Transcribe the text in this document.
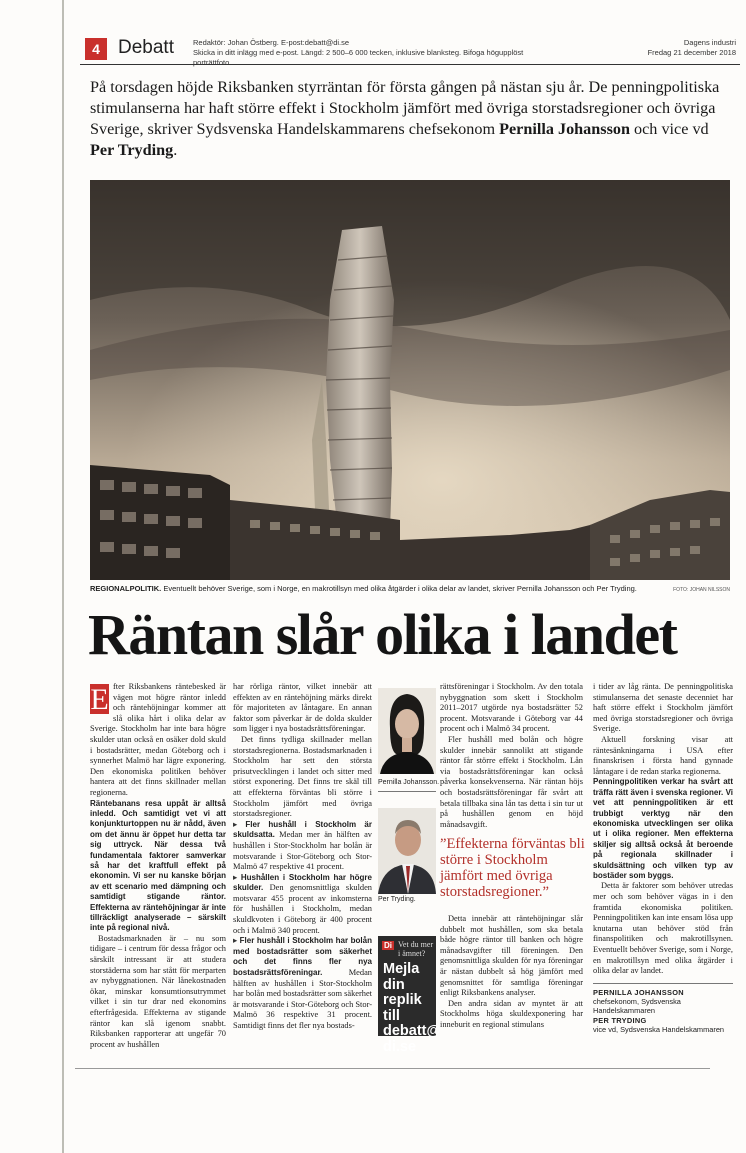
4 Debatt	Redaktör: Johan Östberg. E-post:debatt@di.se
Skicka in ditt inlägg med e-post. Längd: 2 500–6 000 tecken, inklusive blanksteg. Bifoga högupplöst porträttfoto.
Dagens industri
Fredag 21 december 2018
På torsdagen höjde Riksbanken styrräntan för första gången på nästan sju år. De penningpolitiska stimulanserna har haft större effekt i Stockholm jämfört med övriga storstadsregioner och övriga Sverige, skriver Sydsvenska Handelskammarens chefsekonom Pernilla Johansson och vice vd Per Tryding.
REGIONALPOLITIK. Eventuellt behöver Sverige, som i Norge, en makrotillsyn med olika åtgärder i olika delar av landet, skriver Pernilla Johansson och Per Tryding.	FOTO: JOHAN NILSSON
Räntan slår olika i landet

E fter Riksbankens räntebesked är vägen mot högre räntor inledd och räntehöjningar kommer att slå olika hårt i olika delar av Sverige. Stockholm har inte bara högre skulder utan också en osäker dold skuld i bostadsrätter, medan Göteborg och i synnerhet Malmö har lägre exponering. Den ekonomiska politiken behöver hantera att det finns skillnader mellan regionerna.

Räntebanans resa uppåt är alltså inledd. Och samtidigt vet vi att konjunkturtoppen nu är nådd, även om det ännu är öppet hur detta tar sig uttryck. När dessa två fundamentala faktorer samverkar så har det kraftfull effekt på ekonomin. Vi ser nu kanske början av ett scenario med dämpning och samtidigt stigande räntor. Effekterna av räntehöjningar är inte tillräckligt analyserade – särskilt inte på regional nivå.

Bostadsmarknaden är – nu som tidigare – i centrum för dessa frågor och särskilt intressant är att studera storstäderna som har stått för merparten av nybyggnationen. När lånekostnaden ökar, minskar konsumtionsutrymmet vilket i sin tur drar ned ekonomins efterfrågesida. Effekterna av stigande räntor kan slå igenom snabbt. Riksbanken rapporterar att ungefär 70 procent av hushållen

har rörliga räntor, vilket innebär att effekten av en räntehöjning märks direkt för majoriteten av låntagare. En annan faktor som påverkar är de dolda skulder som ligger i nya bostadsrättsföreningar.

Det finns tydliga skillnader mellan storstadsregionerna. Bostadsmarknaden i Stockholm har sett den största prisutvecklingen i landet och sitter med störst exponering. Det finns tre skäl till att effekterna förväntas bli större i Stockholm jämfört med övriga storstadsregioner.

▸ Fler hushåll i Stockholm är skuldsatta. Medan mer än hälften av hushållen i Stor-Stockholm har bolån är motsvarande i Stor-Göteborg och Stor-Malmö 47 respektive 41 procent.

▸ Hushållen i Stockholm har högre skulder. Den genomsnittliga skulden motsvarar 455 procent av inkomsterna för hushållen i Stockholm, medan skuldkvoten i Göteborg är 400 procent och i Malmö 340 procent.

▸ Fler hushåll i Stockholm har bolån med bostadsrätter som säkerhet och det finns fler nya bostadsrättsföreningar. Medan hälften av hushållen i Stor-Stockholm har bolån med bostadsrätter som säkerhet är motsvarande i Stor-Göteborg och Stor-Malmö 36 respektive 31 procent. Samtidigt finns det fler nya bostads-

Pernilla Johansson.
Per Tryding.
Di Vet du mer i ämnet?
Mejla din replik till debatt@ di.se

rättsföreningar i Stockholm. Av den totala nybyggnation som skett i Stockholm 2011–2017 utgörde nya bostadsrätter 52 procent. Motsvarande i Göteborg var 44 procent och i Malmö 34 procent.

Fler hushåll med bolån och högre skulder innebär sannolikt att stigande räntor får större effekt i Stockholm. Lån via bostadsrättsföreningar kan också påverka konsekvenserna. När räntan höjs och bostadsrättsföreningar får svårt att betala tillbaka sina lån tas detta i sin tur ut på hushållen genom en höjd månadsavgift.

”Effekterna förväntas bli större i Stockholm jämfört med övriga storstadsregioner.”

Detta innebär att räntehöjningar slår dubbelt mot hushållen, som ska betala både högre räntor till banken och högre månadsavgifter till föreningen. Den genomsnittliga skulden för nya föreningar är nästan dubbelt så hög jämfört med genomsnittet för samtliga föreningar enligt Riksbankens analyser.

Den andra sidan av myntet är att Stockholms höga skuldexponering har inneburit en regional stimulans

i tider av låg ränta. De penningpolitiska stimulanserna det senaste decenniet har haft större effekt i Stockholm jämfört med övriga storstadsregioner och övriga Sverige.

Aktuell forskning visar att räntesänkningarna i USA efter finanskrisen i första hand gynnade låntagare i de redan starka regionerna.

Penningpolitiken verkar ha svårt att träffa rätt även i svenska regioner. Vi vet att penningpolitiken är ett trubbigt verktyg när den ekonomiska utvecklingen ser olika ut i olika regioner. Men effekterna skiljer sig alltså också åt beroende på regionala skillnader i skuldsättning och vilken typ av bostäder som byggs.

Detta är faktorer som behöver utredas mer och som behöver vägas in i den framtida ekonomiska politiken. Penningpolitiken kan inte ensam lösa upp knutarna utan behöver stöd från finanspolitiken och makrotillsynen. Eventuellt behöver Sverige, som i Norge, en makrotillsyn med olika åtgärder i olika delar av landet.

PERNILLA JOHANSSON
chefsekonom, Sydsvenska Handelskammaren
PER TRYDING
vice vd, Sydsvenska Handelskammaren
